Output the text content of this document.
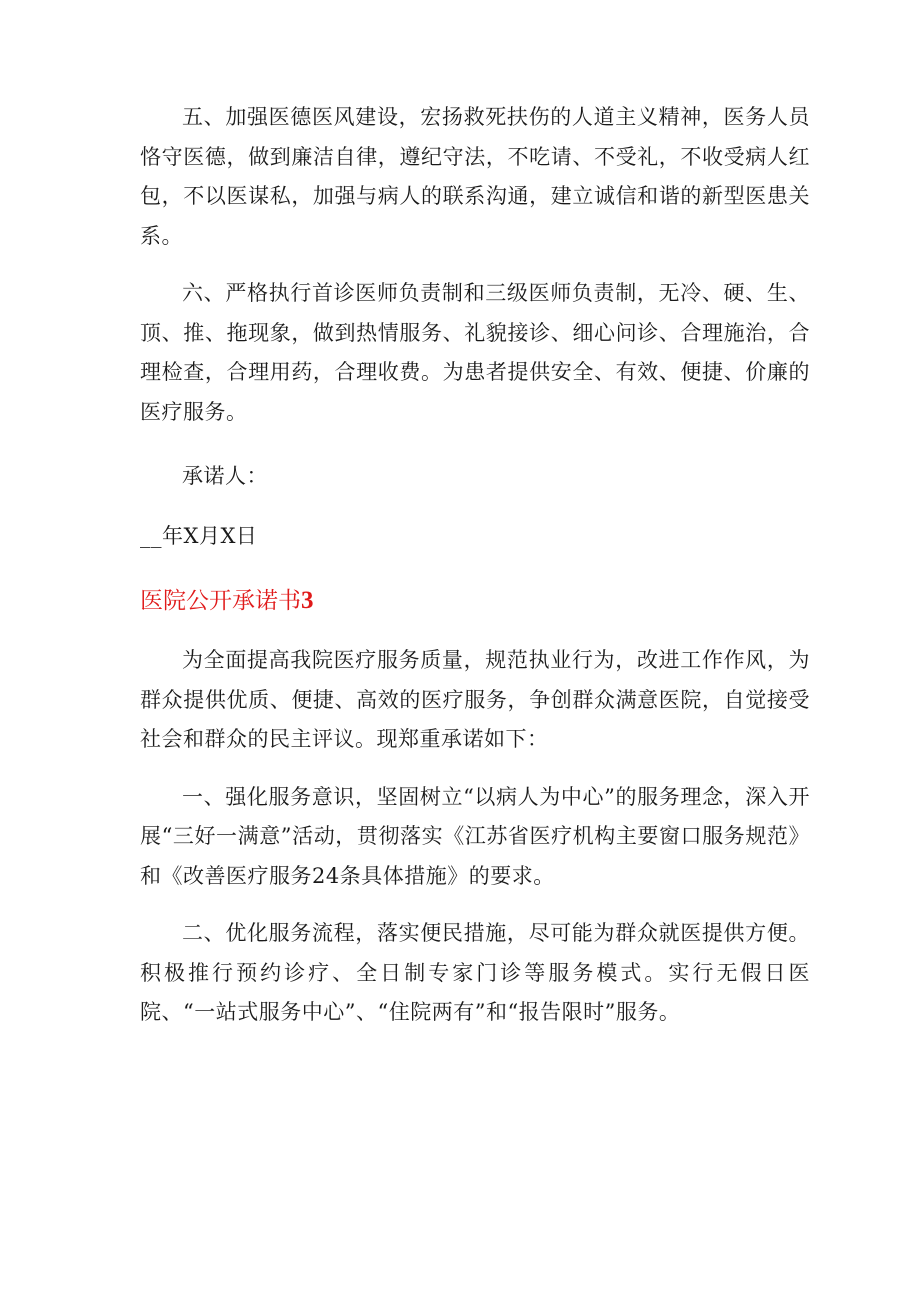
五、加强医德医风建设，宏扬救死扶伤的人道主义精神，医务人员恪守医德，做到廉洁自律，遵纪守法，不吃请、不受礼，不收受病人红包，不以医谋私，加强与病人的联系沟通，建立诚信和谐的新型医患关系。

六、严格执行首诊医师负责制和三级医师负责制，无冷、硬、生、顶、推、拖现象，做到热情服务、礼貌接诊、细心问诊、合理施治，合理检查，合理用药，合理收费。为患者提供安全、有效、便捷、价廉的医疗服务。

承诺人：

__年X月X日

医院公开承诺书3

为全面提高我院医疗服务质量，规范执业行为，改进工作作风，为群众提供优质、便捷、高效的医疗服务，争创群众满意医院，自觉接受社会和群众的民主评议。现郑重承诺如下：

一、强化服务意识，坚固树立“以病人为中心”的服务理念，深入开展“三好一满意”活动，贯彻落实《江苏省医疗机构主要窗口服务规范》和《改善医疗服务24条具体措施》的要求。

二、优化服务流程，落实便民措施，尽可能为群众就医提供方便。积极推行预约诊疗、全日制专家门诊等服务模式。实行无假日医院、“一站式服务中心”、“住院两有”和“报告限时”服务。
